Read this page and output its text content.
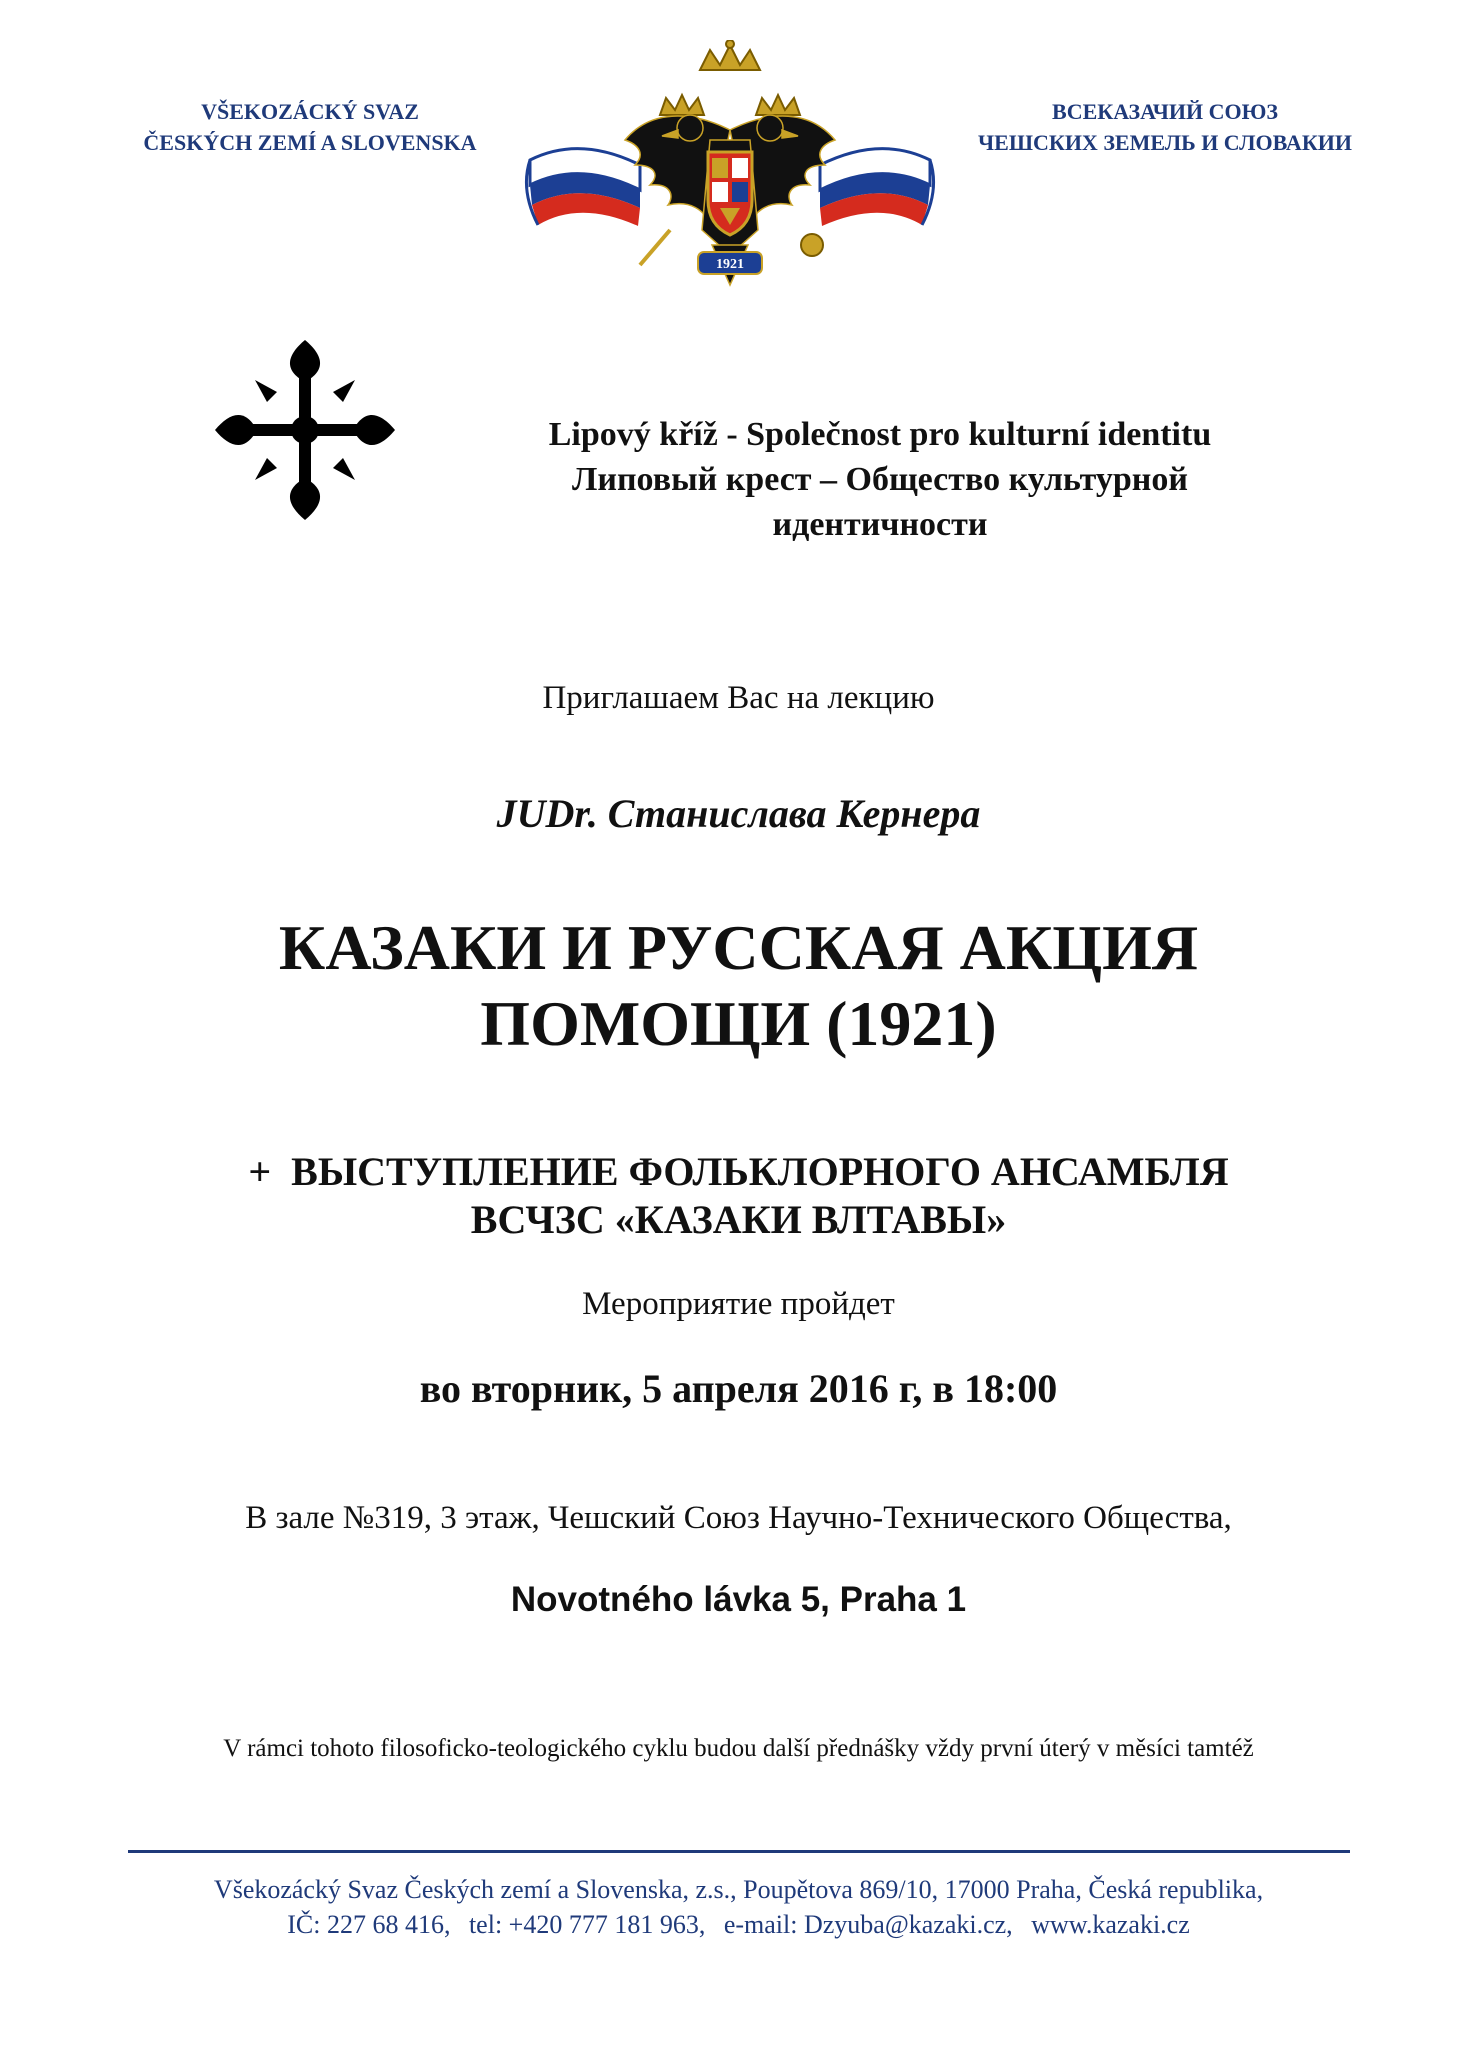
VŠEKOZÁCKÝ SVAZ
ČESKÝCH ZEMÍ A SLOVENSKA
ВСЕКАЗАЧИЙ СОЮЗ
ЧЕШСКИХ ЗЕМЕЛЬ И СЛОВАКИИ
1921
Lipový kříž - Společnost pro kulturní identitu
Липовый крест – Общество культурной
идентичности
Приглашаем Вас на лекцию
JUDr. Станислава Кернера
КАЗАКИ И РУССКАЯ АКЦИЯ
ПОМОЩИ (1921)
+  ВЫСТУПЛЕНИЕ ФОЛЬКЛОРНОГО АНСАМБЛЯ
ВСЧЗС «КАЗАКИ ВЛТАВЫ»
Мероприятие пройдет
во вторник, 5 апреля 2016 г, в 18:00
В зале №319, 3 этаж, Чешский Союз Научно-Технического Общества,
Novotného lávka 5, Praha 1
V rámci tohoto filosoficko-teologického cyklu budou další přednášky vždy první úterý v měsíci tamtéž
Všekozácký Svaz Českých zemí a Slovenska, z.s., Poupětova 869/10, 17000 Praha, Česká republika,
IČ: 227 68 416, tel: +420 777 181 963, e-mail: Dzyuba@kazaki.cz, www.kazaki.cz
